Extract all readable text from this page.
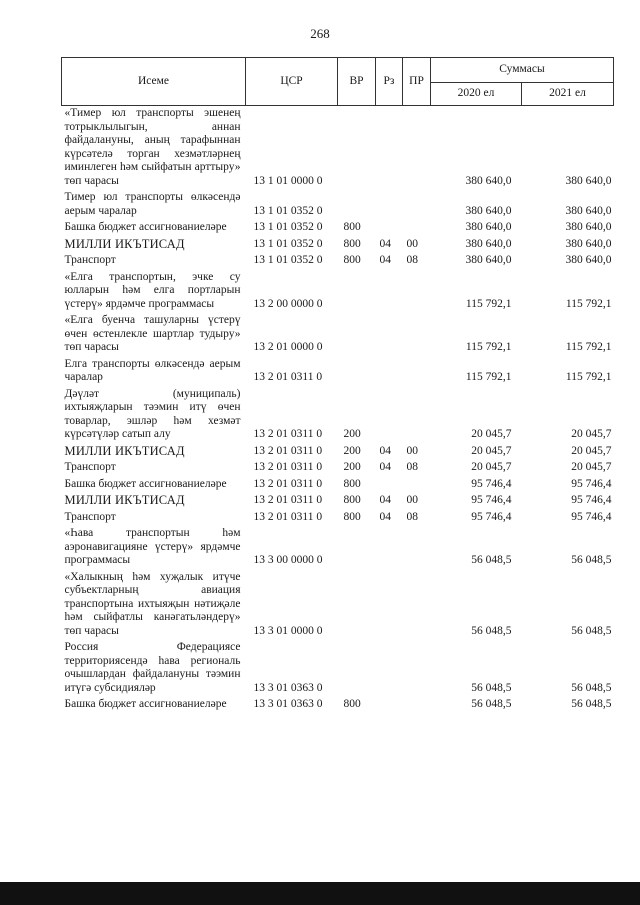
268
Исеме	ЦСР	ВР	Рз	ПР	Суммасы	
					2020 ел	2021 ел
«Тимер юл транспорты эшенең тотрыклылыгын, аннан файдалануны, аның тарафыннан күрсәтелә торган хезмәтләрнең иминлеген һәм сыйфатын арттыру» төп чарасы	13 1 01 0000 0				380 640,0	380 640,0
Тимер юл транспорты өлкәсендә аерым чаралар	13 1 01 0352 0				380 640,0	380 640,0
Башка бюджет ассигнованиеләре	13 1 01 0352 0	800			380 640,0	380 640,0
МИЛЛИ ИКЪТИСАД	13 1 01 0352 0	800	04	00	380 640,0	380 640,0
Транспорт	13 1 01 0352 0	800	04	08	380 640,0	380 640,0
«Елга транспортын, эчке су юлларын һәм елга портларын үстерү» ярдәмче программасы	13 2 00 0000 0				115 792,1	115 792,1
«Елга буенча ташуларны үстерү өчен өстенлекле шартлар тудыру» төп чарасы	13 2 01 0000 0				115 792,1	115 792,1
Елга транспорты өлкәсендә аерым чаралар	13 2 01 0311 0				115 792,1	115 792,1
Дәүләт (муниципаль) ихтыяҗларын тәэмин итү өчен товарлар, эшләр һәм хезмәт күрсәтүләр сатып алу	13 2 01 0311 0	200			20 045,7	20 045,7
МИЛЛИ ИКЪТИСАД	13 2 01 0311 0	200	04	00	20 045,7	20 045,7
Транспорт	13 2 01 0311 0	200	04	08	20 045,7	20 045,7
Башка бюджет ассигнованиеләре	13 2 01 0311 0	800			95 746,4	95 746,4
МИЛЛИ ИКЪТИСАД	13 2 01 0311 0	800	04	00	95 746,4	95 746,4
Транспорт	13 2 01 0311 0	800	04	08	95 746,4	95 746,4
«Һава транспортын һәм аэронавигацияне үстерү» ярдәмче программасы	13 3 00 0000 0				56 048,5	56 048,5
«Халыкның һәм хуҗалык итүче субъектларның авиация транспортына ихтыяҗын нәтиҗәле һәм сыйфатлы канәгатьләндерү» төп чарасы	13 3 01 0000 0				56 048,5	56 048,5
Россия Федерациясе территориясендә һава региональ очышлардан файдалануны тәэмин итүгә субсидияләр	13 3 01 0363 0				56 048,5	56 048,5
Башка бюджет ассигнованиеләре	13 3 01 0363 0	800			56 048,5	56 048,5
